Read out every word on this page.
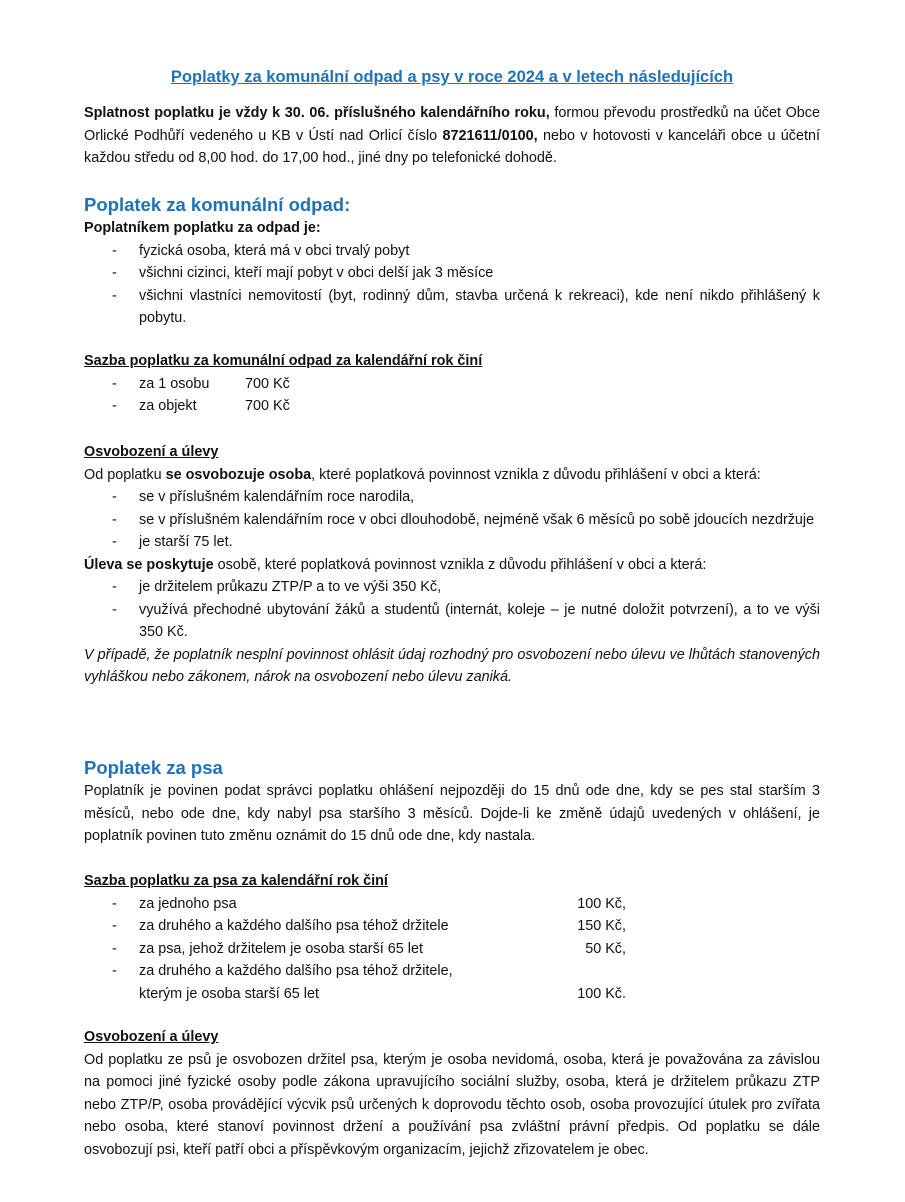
Poplatky za komunální odpad a psy v roce 2024 a v letech následujících
Splatnost poplatku je vždy k 30. 06. příslušného kalendářního roku, formou převodu prostředků na účet Obce Orlické Podhůří vedeného u KB v Ústí nad Orlicí číslo 8721611/0100, nebo v hotovosti v kanceláři obce u účetní každou středu od 8,00 hod. do 17,00 hod., jiné dny po telefonické dohodě.
Poplatek za komunální odpad:
Poplatníkem poplatku za odpad je:
- fyzická osoba, která má v obci trvalý pobyt
- všichni cizinci, kteří mají pobyt v obci delší jak 3 měsíce
- všichni vlastníci nemovitostí (byt, rodinný dům, stavba určená k rekreaci), kde není nikdo přihlášený k pobytu.
Sazba poplatku za komunální odpad za kalendářní rok činí
- za 1 osobu 700 Kč
- za objekt	700 Kč
Osvobození a úlevy
Od poplatku se osvobozuje osoba, které poplatková povinnost vznikla z důvodu přihlášení v obci a která:
- se v příslušném kalendářním roce narodila,
- se v příslušném kalendářním roce v obci dlouhodobě, nejméně však 6 měsíců po sobě jdoucích nezdržuje
- je starší 75 let.
Úleva se poskytuje osobě, které poplatková povinnost vznikla z důvodu přihlášení v obci a která:
- je držitelem průkazu ZTP/P a to ve výši 350 Kč,
- využívá přechodné ubytování žáků a studentů (internát, koleje – je nutné doložit potvrzení), a to ve výši 350 Kč.
V případě, že poplatník nesplní povinnost ohlásit údaj rozhodný pro osvobození nebo úlevu ve lhůtách stanovených vyhláškou nebo zákonem, nárok na osvobození nebo úlevu zaniká.
Poplatek za psa
Poplatník je povinen podat správci poplatku ohlášení nejpozději do 15 dnů ode dne, kdy se pes stal starším 3 měsíců, nebo ode dne, kdy nabyl psa staršího 3 měsíců. Dojde-li ke změně údajů uvedených v ohlášení, je poplatník povinen tuto změnu oznámit do 15 dnů ode dne, kdy nastala.
Sazba poplatku za psa za kalendářní rok činí
- za jednoho psa	100 Kč,
- za druhého a každého dalšího psa téhož držitele	150 Kč,
- za psa, jehož držitelem je osoba starší 65 let	50 Kč,
- za druhého a každého dalšího psa téhož držitele,
kterým je osoba starší 65 let	100 Kč.
Osvobození a úlevy
Od poplatku ze psů je osvobozen držitel psa, kterým je osoba nevidomá, osoba, která je považována za závislou na pomoci jiné fyzické osoby podle zákona upravujícího sociální služby, osoba, která je držitelem průkazu ZTP nebo ZTP/P, osoba provádějící výcvik psů určených k doprovodu těchto osob, osoba provozující útulek pro zvířata nebo osoba, které stanoví povinnost držení a používání psa zvláštní právní předpis. Od poplatku se dále osvobozují psi, kteří patří obci a příspěvkovým organizacím, jejichž zřizovatelem je obec.
